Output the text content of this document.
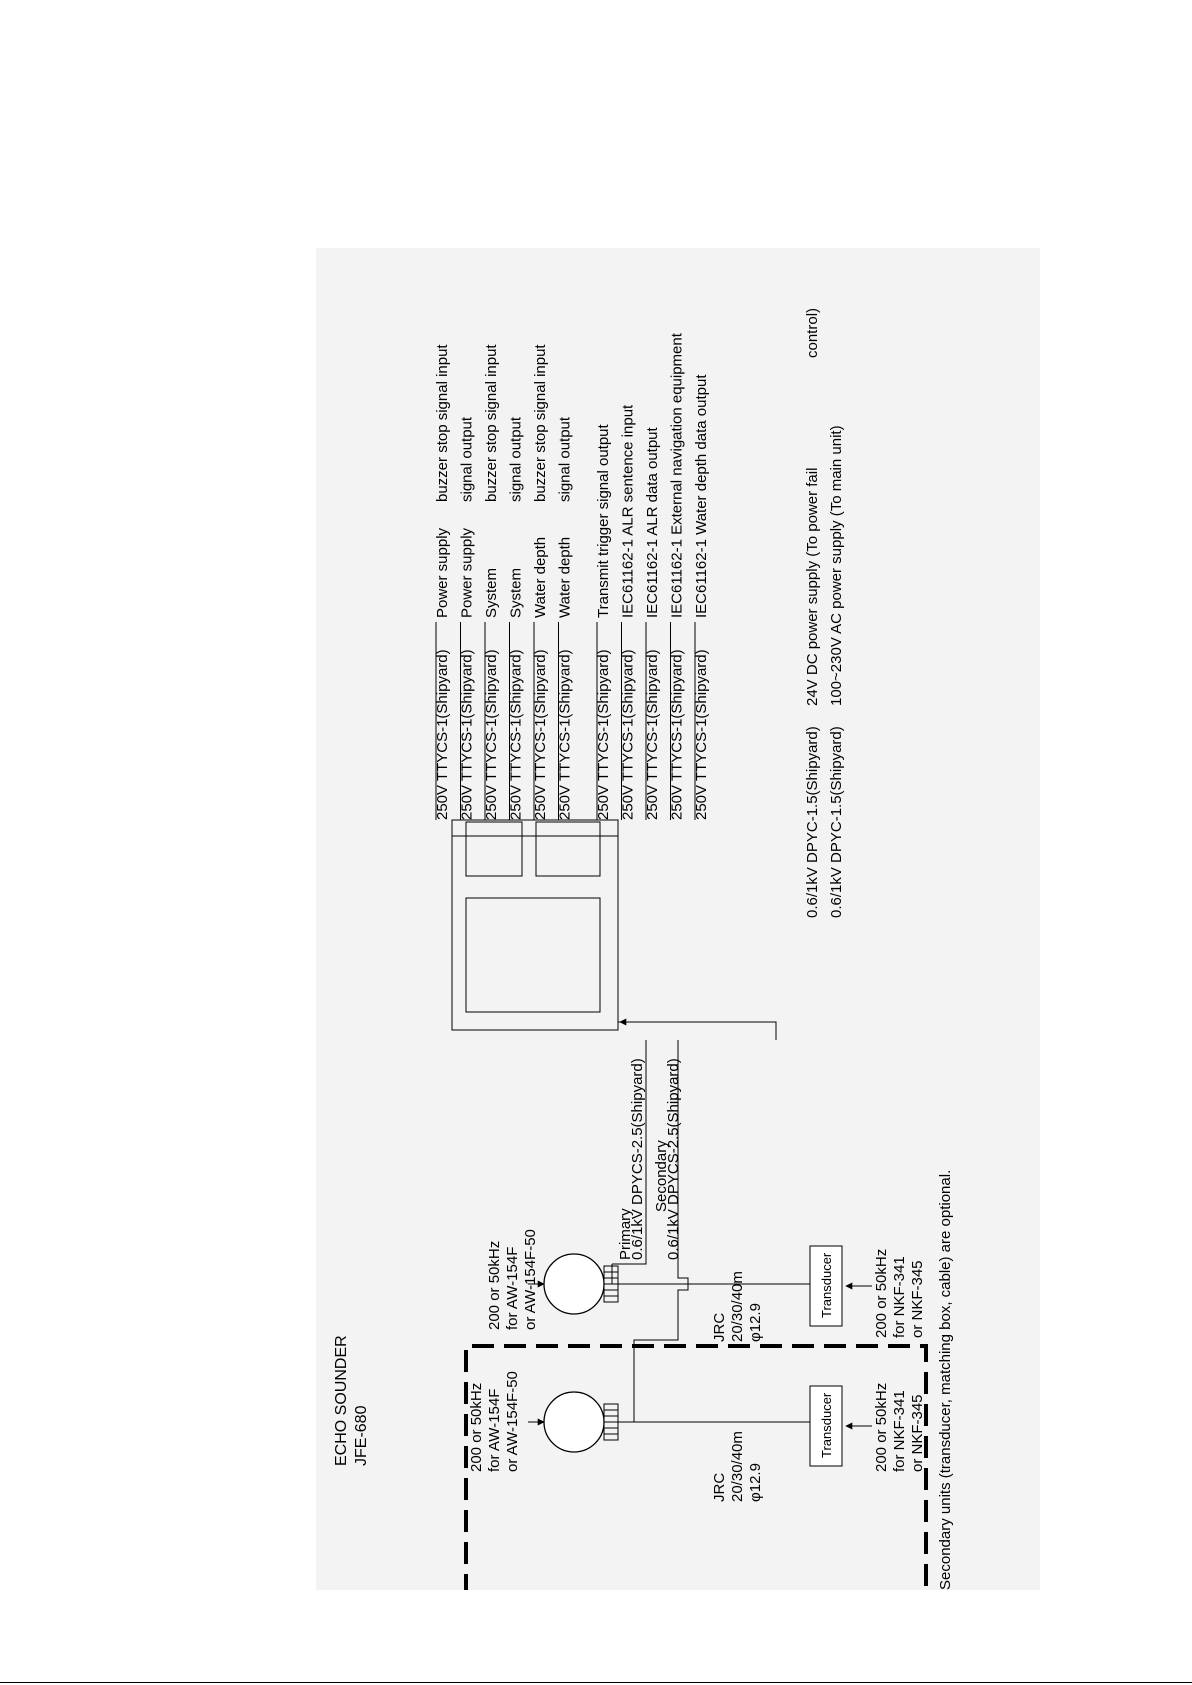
ECHO SOUNDER JFE-680	Secondary units (transducer, matching box, cable) are optional.
200 or 50kHz for AW-154F or AW-154F-50
200 or 50kHz for AW-154F or AW-154F-50
JRC 20/30/40m φ12.9
JRC 20/30/40m φ12.9
Transducer
Transducer
200 or 50kHz for NKF-341 or NKF-345
200 or 50kHz for NKF-341 or NKF-345
Primary
0.6/1kV DPYCS-2.5(Shipyard) Secondary
0.6/1kV DPYCS-2.5(Shipyard)
250V TTYCS-1(Shipyard)
Power supply
buzzer stop signal input
250V TTYCS-1(Shipyard)
Power supply
signal output
250V TTYCS-1(Shipyard)
System
buzzer stop signal input
250V TTYCS-1(Shipyard)
System
signal output
250V TTYCS-1(Shipyard)
Water depth
buzzer stop signal input
250V TTYCS-1(Shipyard)
Water depth
signal output
250V TTYCS-1(Shipyard)
Transmit trigger signal output
250V TTYCS-1(Shipyard)
IEC61162-1 ALR sentence input
250V TTYCS-1(Shipyard)
IEC61162-1 ALR data output
250V TTYCS-1(Shipyard)
IEC61162-1 External navigation equipment
250V TTYCS-1(Shipyard)
IEC61162-1 Water depth data output
0.6/1kV DPYC-1.5(Shipyard)
24V DC power supply (To power fail
control)
0.6/1kV DPYC-1.5(Shipyard)
100~230V AC power supply (To main unit)
